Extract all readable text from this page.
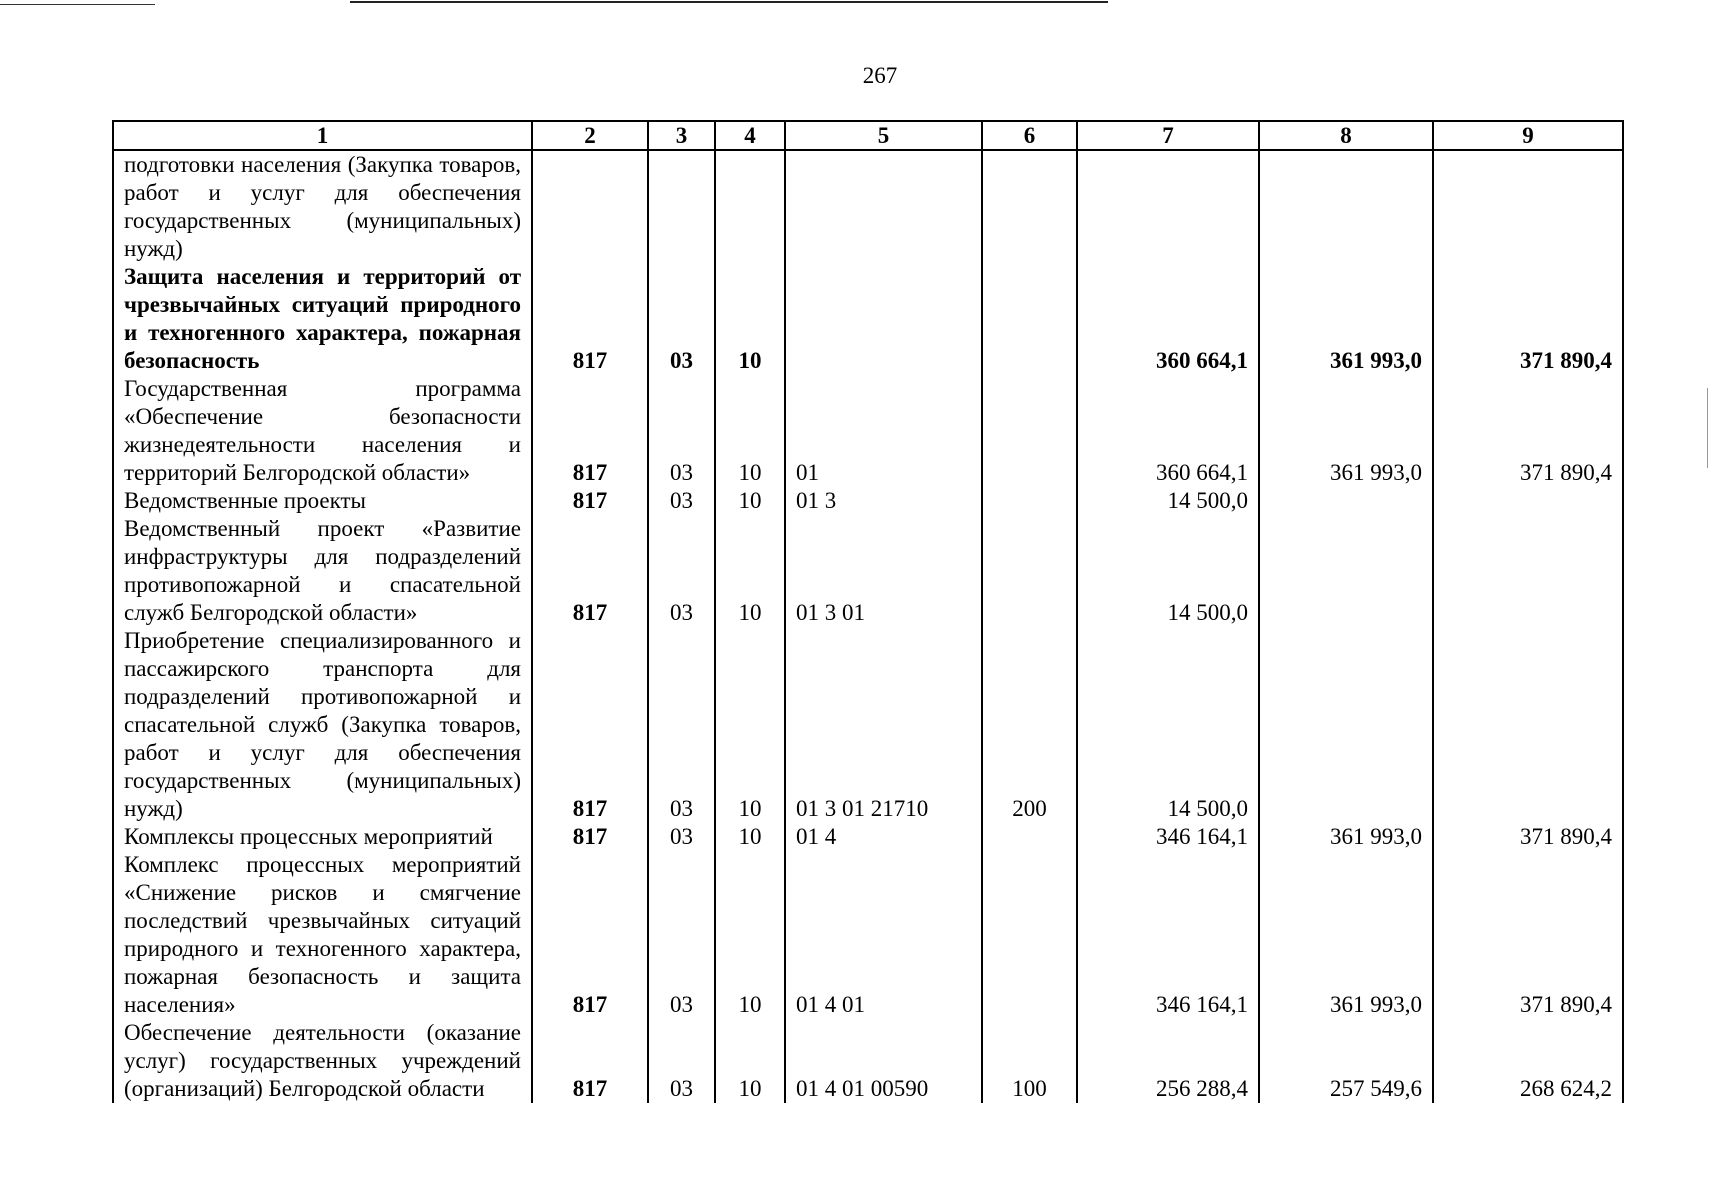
267
1	2	3	4	5	6	7	8	9
подготовки населения (Закупка товаров, работ и услуг для обеспечения государственных (муниципальных) нужд)								
Защита населения и территорий от чрезвычайных ситуаций природного и техногенного характера, пожарная безопасность	817	03	10			360 664,1	361 993,0	371 890,4
Государственная программа «Обеспечение безопасности жизнедеятельности населения и территорий Белгородской области»	817	03	10	01		360 664,1	361 993,0	371 890,4
Ведомственные проекты	817	03	10	01 3		14 500,0		
Ведомственный проект «Развитие инфраструктуры для подразделений противопожарной и спасательной служб Белгородской области»	817	03	10	01 3 01		14 500,0		
Приобретение специализированного и пассажирского транспорта для подразделений противопожарной и спасательной служб (Закупка товаров, работ и услуг для обеспечения государственных (муниципальных) нужд)	817	03	10	01 3 01 21710	200	14 500,0		
Комплексы процессных мероприятий	817	03	10	01 4		346 164,1	361 993,0	371 890,4
Комплекс процессных мероприятий «Снижение рисков и смягчение последствий чрезвычайных ситуаций природного и техногенного характера, пожарная безопасность и защита населения»	817	03	10	01 4 01		346 164,1	361 993,0	371 890,4
Обеспечение деятельности (оказание услуг) государственных учреждений (организаций) Белгородской области	817	03	10	01 4 01 00590	100	256 288,4	257 549,6	268 624,2
